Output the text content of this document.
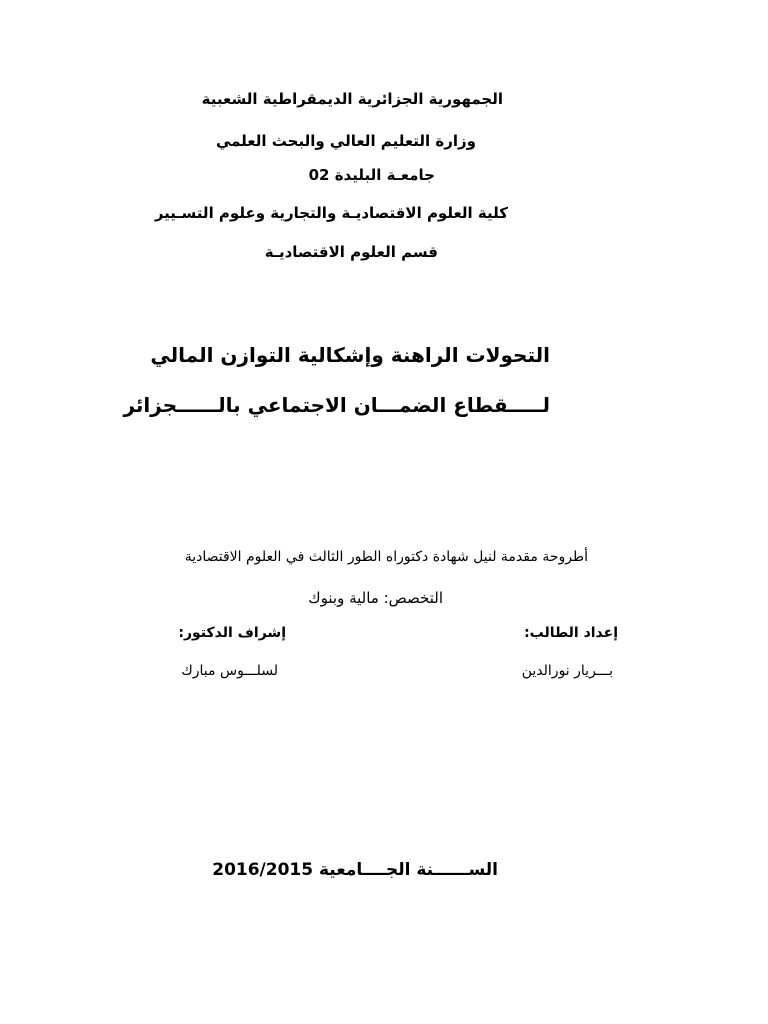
الجمهورية الجزائرية الديمقراطية الشعبية
وزارة التعليم العالي والبحث العلمي
جامعـة البليدة 02
كلية العلوم الاقتصاديـة والتجارية وعلوم التسـيير
قسم العلوم الاقتصاديـة
التحولات الراهنة وإشكالية التوازن المالي
لـــــقطاع الضمـــان الاجتماعي بالــــــجزائر
أطروحة مقدمة لنيل شهادة دكتوراه الطور الثالث في العلوم الاقتصادية
التخصص: مالية وبنوك
إعداد الطالب:
إشراف الدكتور:
بـــريار نورالدين
لسلـــوس مبارك
الســــــنة الجــــامعية 2016/2015
